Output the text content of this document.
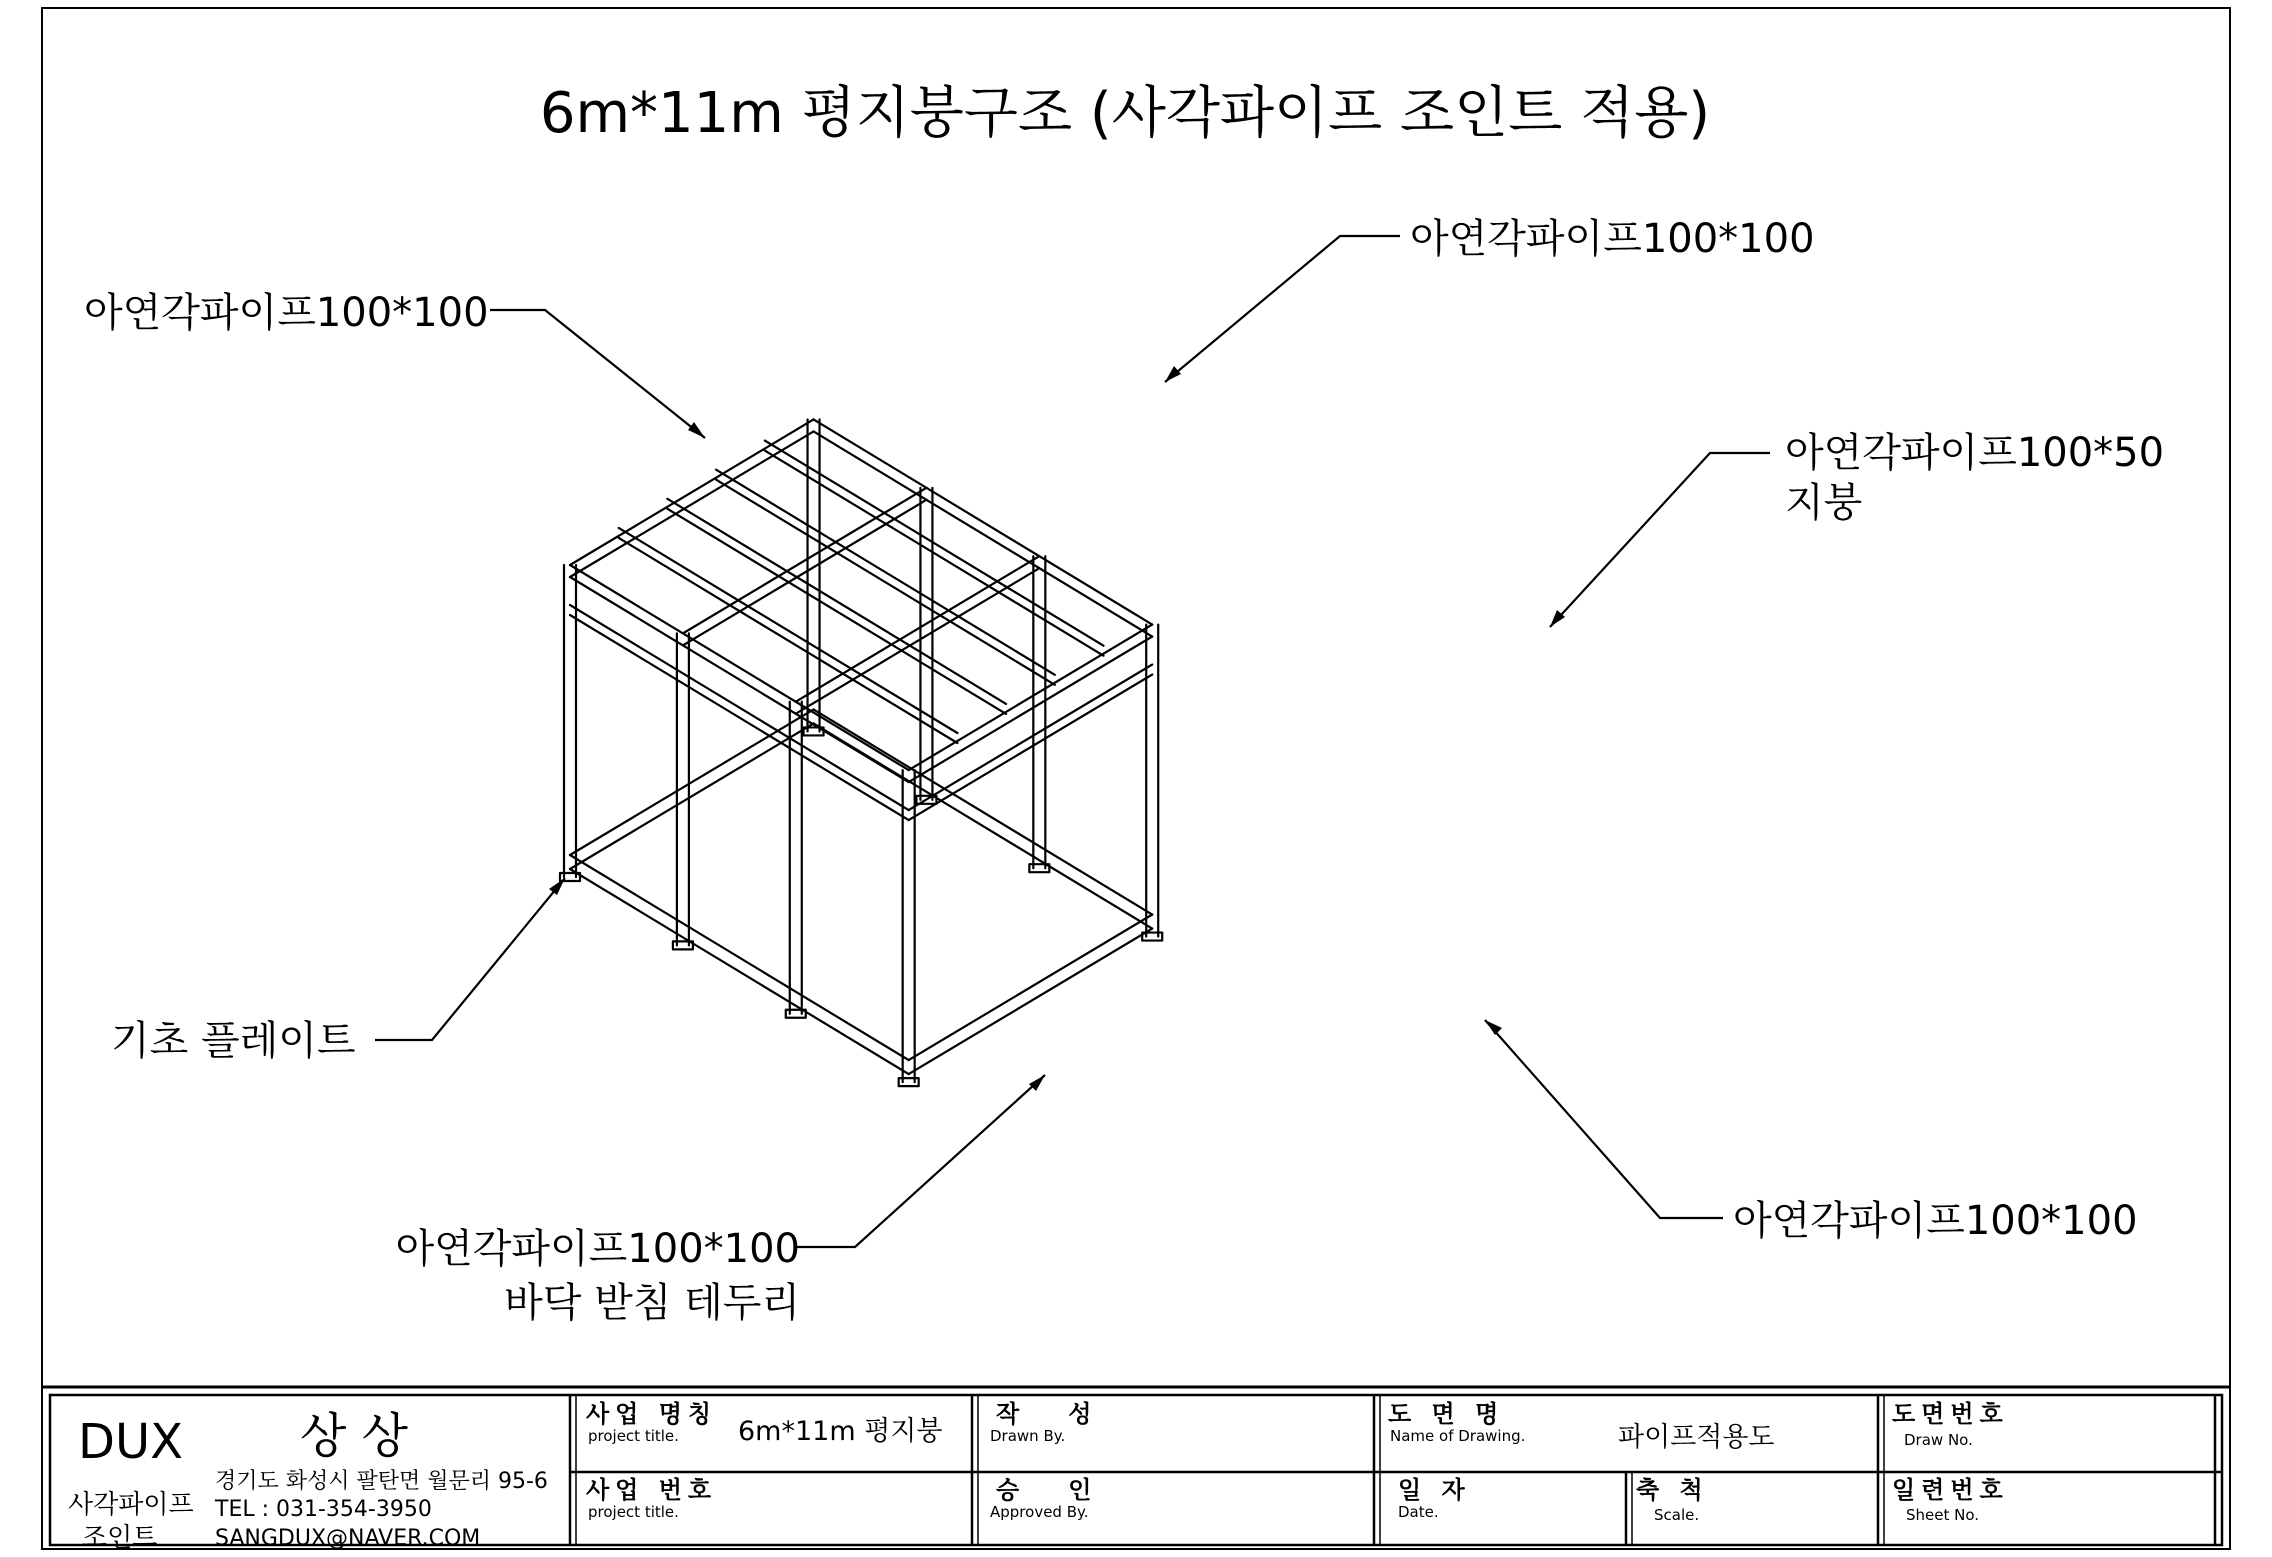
6m*11m 평지붕구조 (사각파이프 조인트 적용)
아연각파이프100*100
아연각파이프100*100
아연각파이프100*50
지붕
기초 플레이트
아연각파이프100*100
바닥 받침 테두리
아연각파이프100*100
DUX 상 상
사각파이프
조인트
경기도 화성시 팔탄면 월문리 95-6
TEL : 031-354-3950
SANGDUX@NAVER.COM
사업 명칭
project title. 6m*11m 평지붕
사업 번호
project title.
작   성
Drawn By.
승   인
Approved By.
도 면 명
Name of Drawing.	파이프적용도
일 자
Date.
축 척
Scale.
도면번호
Draw No.
일련번호
Sheet No.
